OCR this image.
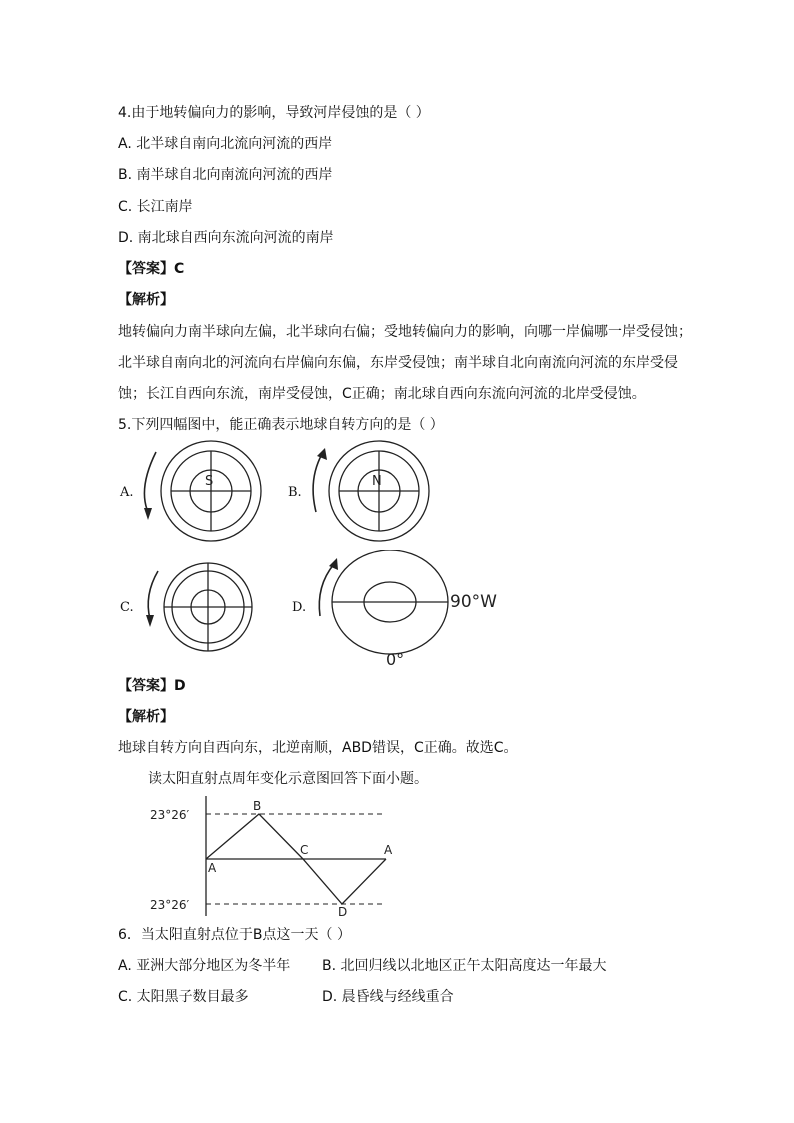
4.由于地转偏向力的影响，导致河岸侵蚀的是（ ）
A. 北半球自南向北流向河流的西岸
B. 南半球自北向南流向河流的西岸
C. 长江南岸
D. 南北球自西向东流向河流的南岸
【答案】C
【解析】
地转偏向力南半球向左偏，北半球向右偏；受地转偏向力的影响，向哪一岸偏哪一岸受侵蚀；
北半球自南向北的河流向右岸偏向东偏，东岸受侵蚀；南半球自北向南流向河流的东岸受侵
蚀；长江自西向东流，南岸受侵蚀，C正确；南北球自西向东流向河流的北岸受侵蚀。
5.下列四幅图中，能正确表示地球自转方向的是（ ）
A.
S
B.
N
C.	D.	90°W
0°
【答案】D
【解析】
地球自转方向自西向东，北逆南顺，ABD错误，C正确。故选C。
读太阳直射点周年变化示意图回答下面小题。
23°26′
23°26′
A
B
C
D
A
6．当太阳直射点位于B点这一天（ ）
A. 亚洲大部分地区为冬半年 B. 北回归线以北地区正午太阳高度达一年最大
C. 太阳黑子数目最多	D. 晨昏线与经线重合
